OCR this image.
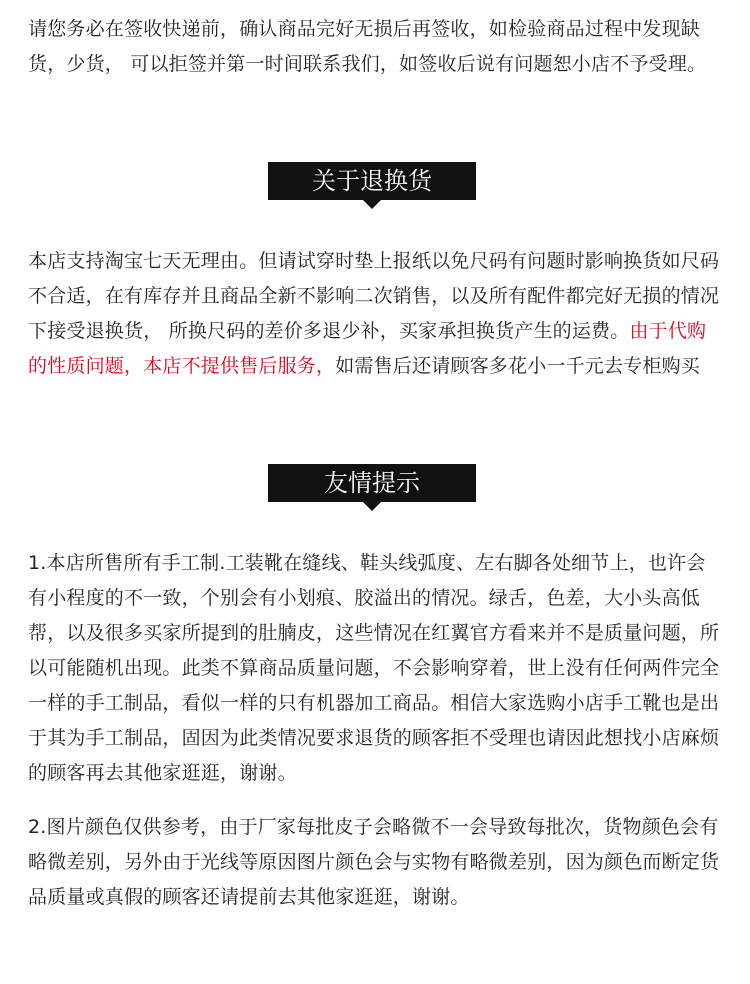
请您务必在签收快递前，确认商品完好无损后再签收，如检验商品过程中发现缺货，少货， 可以拒签并第一时间联系我们，如签收后说有问题恕小店不予受理。

关于退换货

本店支持淘宝七天无理由。但请试穿时垫上报纸以免尺码有问题时影响换货如尺码不合适，在有库存并且商品全新不影响二次销售，以及所有配件都完好无损的情况下接受退换货， 所换尺码的差价多退少补，买家承担换货产生的运费。由于代购的性质问题，本店不提供售后服务，如需售后还请顾客多花小一千元去专柜购买

友情提示

1.本店所售所有手工制.工装靴在缝线、鞋头线弧度、左右脚各处细节上，也许会有小程度的不一致，个别会有小划痕、胶溢出的情况。绿舌，色差，大小头高低帮，以及很多买家所提到的肚腩皮，这些情况在红翼官方看来并不是质量问题，所以可能随机出现。此类不算商品质量问题，不会影响穿着，世上没有任何两件完全一样的手工制品，看似一样的只有机器加工商品。相信大家选购小店手工靴也是出于其为手工制品，固因为此类情况要求退货的顾客拒不受理也请因此想找小店麻烦的顾客再去其他家逛逛，谢谢。

2.图片颜色仅供参考，由于厂家每批皮子会略微不一会导致每批次，货物颜色会有略微差别，另外由于光线等原因图片颜色会与实物有略微差别，因为颜色而断定货品质量或真假的顾客还请提前去其他家逛逛，谢谢。
